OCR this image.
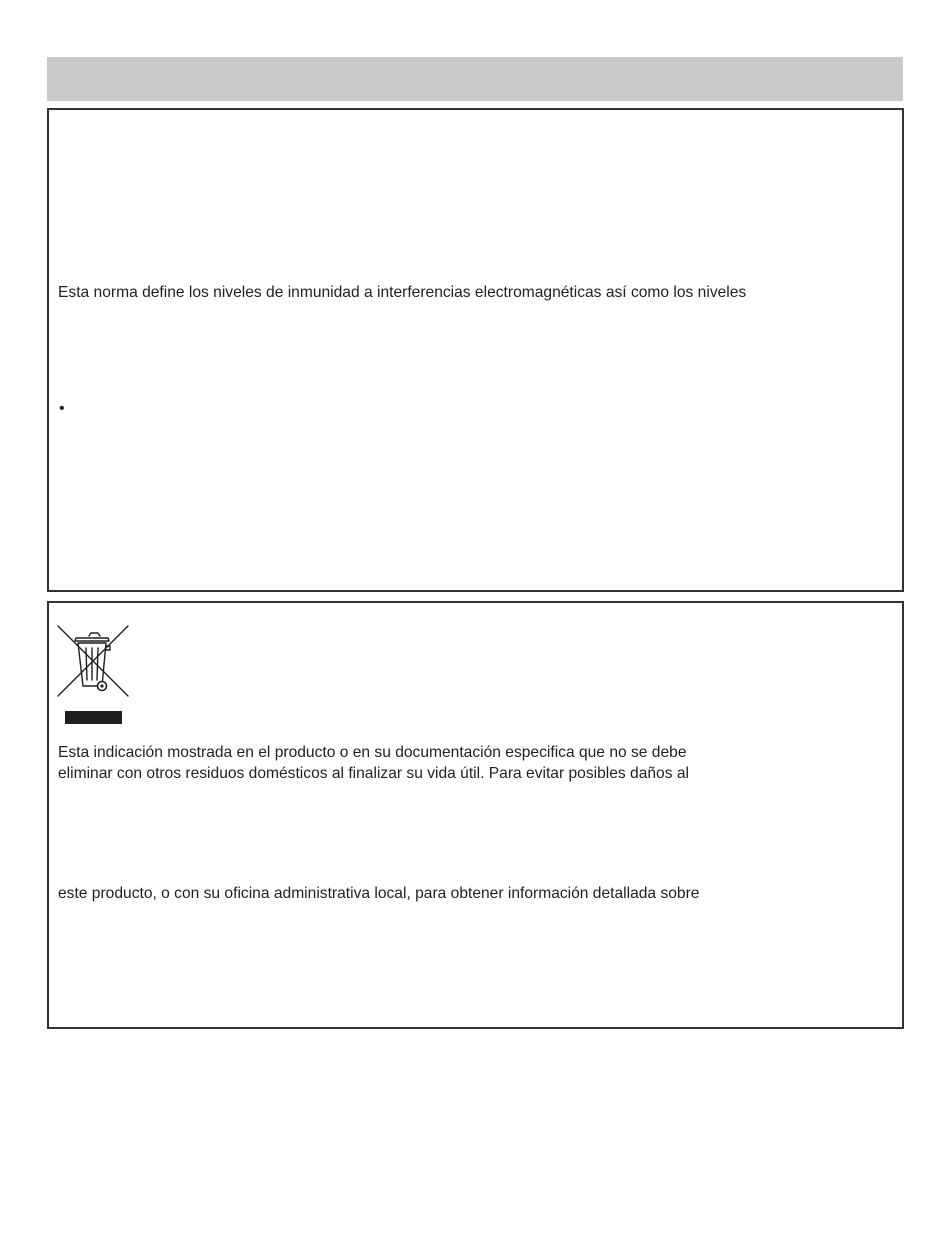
Esta norma define los niveles de inmunidad a interferencias electromagnéticas así como los niveles

•

Esta indicación mostrada en el producto o en su documentación especifica que no se debe

eliminar con otros residuos domésticos al finalizar su vida útil. Para evitar posibles daños al

este producto, o con su oficina administrativa local, para obtener información detallada sobre
